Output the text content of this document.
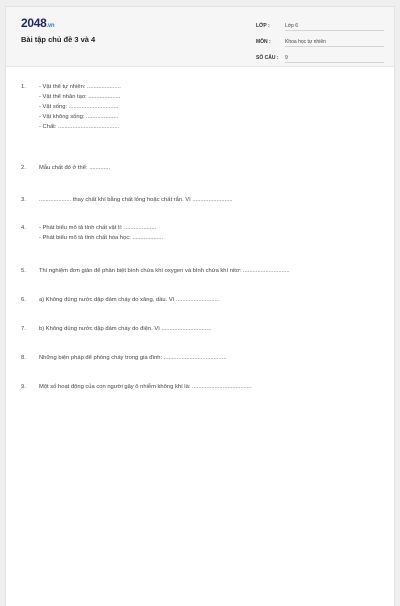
2048.vn
Bài tập chủ đề 3 và 4
LỚP :	Lớp 6
MÔN :	Khoa học tự nhiên
SỐ CÂU : 9
1.	- Vật thể tự nhiên: .....................
- Vật thể nhân tạo: ....................
- Vật sống: ...............................
- Vật không sống: ....................
- Chất: ......................................
2.	Mẫu chất đó ở thể: .............
3.	.................... thay chất khí bằng chất lỏng hoặc chất rắn. Vì .........................
4.	- Phát biểu mô tả tính chất vật lí: ....................
- Phát biểu mô tả tính chất hóa học: ...................
5.	Thí nghiệm đơn giản để phân biệt bình chứa khí oxygen và bình chứa khí nitơ: .............................
6.	a) Không dùng nước dập đám cháy do xăng, dầu. Vì ...........................
7.	b) Không dùng nước dập đám cháy do điện. Vì ...............................
8.	Những biện pháp để phòng cháy trong gia đình: .......................................
9.	Một số hoạt động của con người gây ô nhiễm không khí là: .....................................
